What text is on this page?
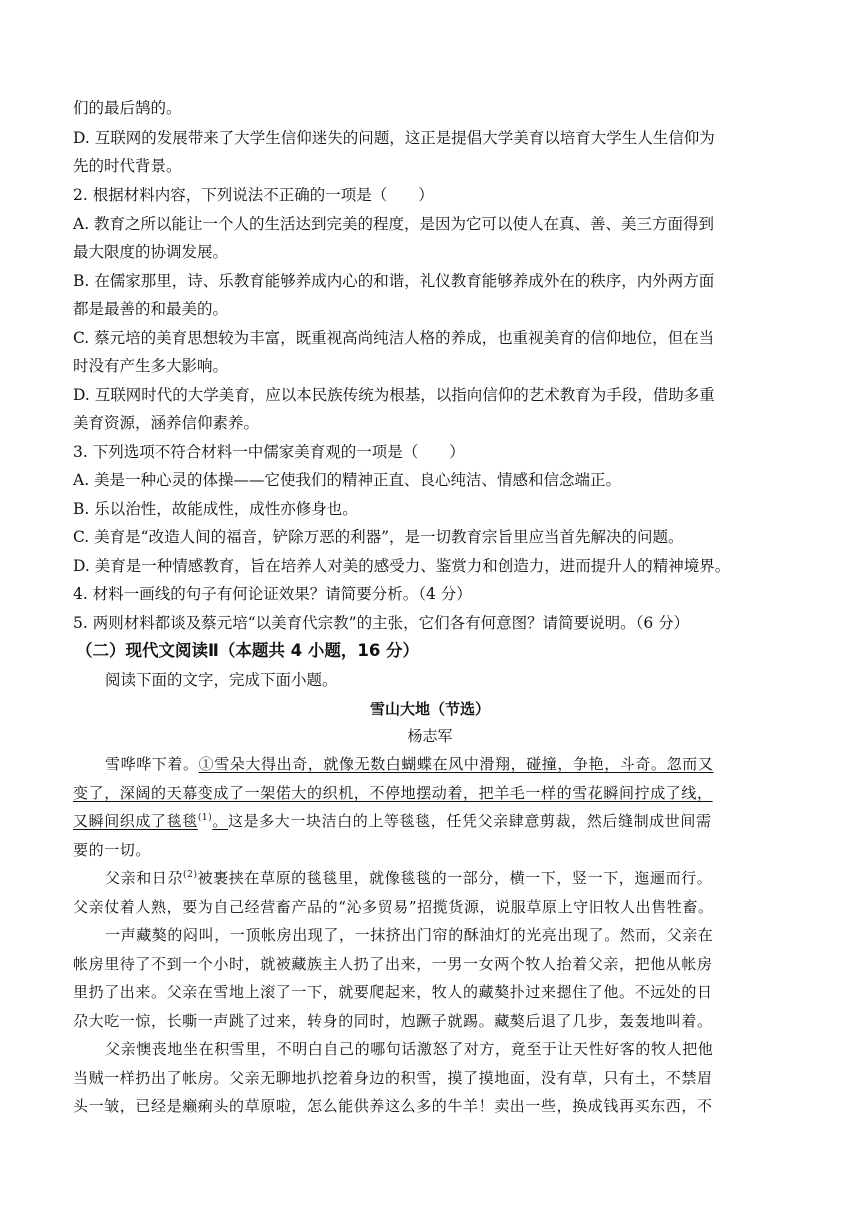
们的最后鹄的。
D. 互联网的发展带来了大学生信仰迷失的问题，这正是提倡大学美育以培育大学生人生信仰为
先的时代背景。
2. 根据材料内容，下列说法不正确的一项是（　　）
A. 教育之所以能让一个人的生活达到完美的程度，是因为它可以使人在真、善、美三方面得到
最大限度的协调发展。
B. 在儒家那里，诗、乐教育能够养成内心的和谐，礼仪教育能够养成外在的秩序，内外两方面
都是最善的和最美的。
C. 蔡元培的美育思想较为丰富，既重视高尚纯洁人格的养成，也重视美育的信仰地位，但在当
时没有产生多大影响。
D. 互联网时代的大学美育，应以本民族传统为根基，以指向信仰的艺术教育为手段，借助多重
美育资源，涵养信仰素养。
3. 下列选项不符合材料一中儒家美育观的一项是（　　）
A. 美是一种心灵的体操——它使我们的精神正直、良心纯洁、情感和信念端正。
B. 乐以治性，故能成性，成性亦修身也。
C. 美育是“改造人间的福音，铲除万恶的利器”，是一切教育宗旨里应当首先解决的问题。
D. 美育是一种情感教育，旨在培养人对美的感受力、鉴赏力和创造力，进而提升人的精神境界。
4. 材料一画线的句子有何论证效果？请简要分析。（4 分）
5. 两则材料都谈及蔡元培“以美育代宗教”的主张，它们各有何意图？请简要说明。（6 分）
（二）现代文阅读Ⅱ（本题共 4 小题，16 分）
阅读下面的文字，完成下面小题。
雪山大地（节选）
杨志军
雪哗哗下着。①雪朵大得出奇，就像无数白蝴蝶在风中滑翔，碰撞，争艳，斗奇。忽而又
变了，深阔的天幕变成了一架偌大的织机，不停地摆动着，把羊毛一样的雪花瞬间拧成了线，
又瞬间织成了毯毯$^{(1)}$。这是多大一块洁白的上等毯毯，任凭父亲肆意剪裁，然后缝制成世间需
要的一切。
父亲和日尕$^{(2)}$被裹挟在草原的毯毯里，就像毯毯的一部分，横一下，竖一下，迤逦而行。
父亲仗着人熟，要为自己经营畜产品的“沁多贸易”招揽货源，说服草原上守旧牧人出售牲畜。
一声藏獒的闷叫，一顶帐房出现了，一抹挤出门帘的酥油灯的光亮出现了。然而，父亲在
帐房里待了不到一个小时，就被藏族主人扔了出来，一男一女两个牧人抬着父亲，把他从帐房
里扔了出来。父亲在雪地上滚了一下，就要爬起来，牧人的藏獒扑过来摁住了他。不远处的日
尕大吃一惊，长嘶一声跳了过来，转身的同时，尥蹶子就踢。藏獒后退了几步，轰轰地叫着。
父亲懊丧地坐在积雪里，不明白自己的哪句话激怒了对方，竟至于让天性好客的牧人把他
当贼一样扔出了帐房。父亲无聊地扒挖着身边的积雪，摸了摸地面，没有草，只有土，不禁眉
头一皱，已经是癞痢头的草原啦，怎么能供养这么多的牛羊！卖出一些，换成钱再买东西，不
